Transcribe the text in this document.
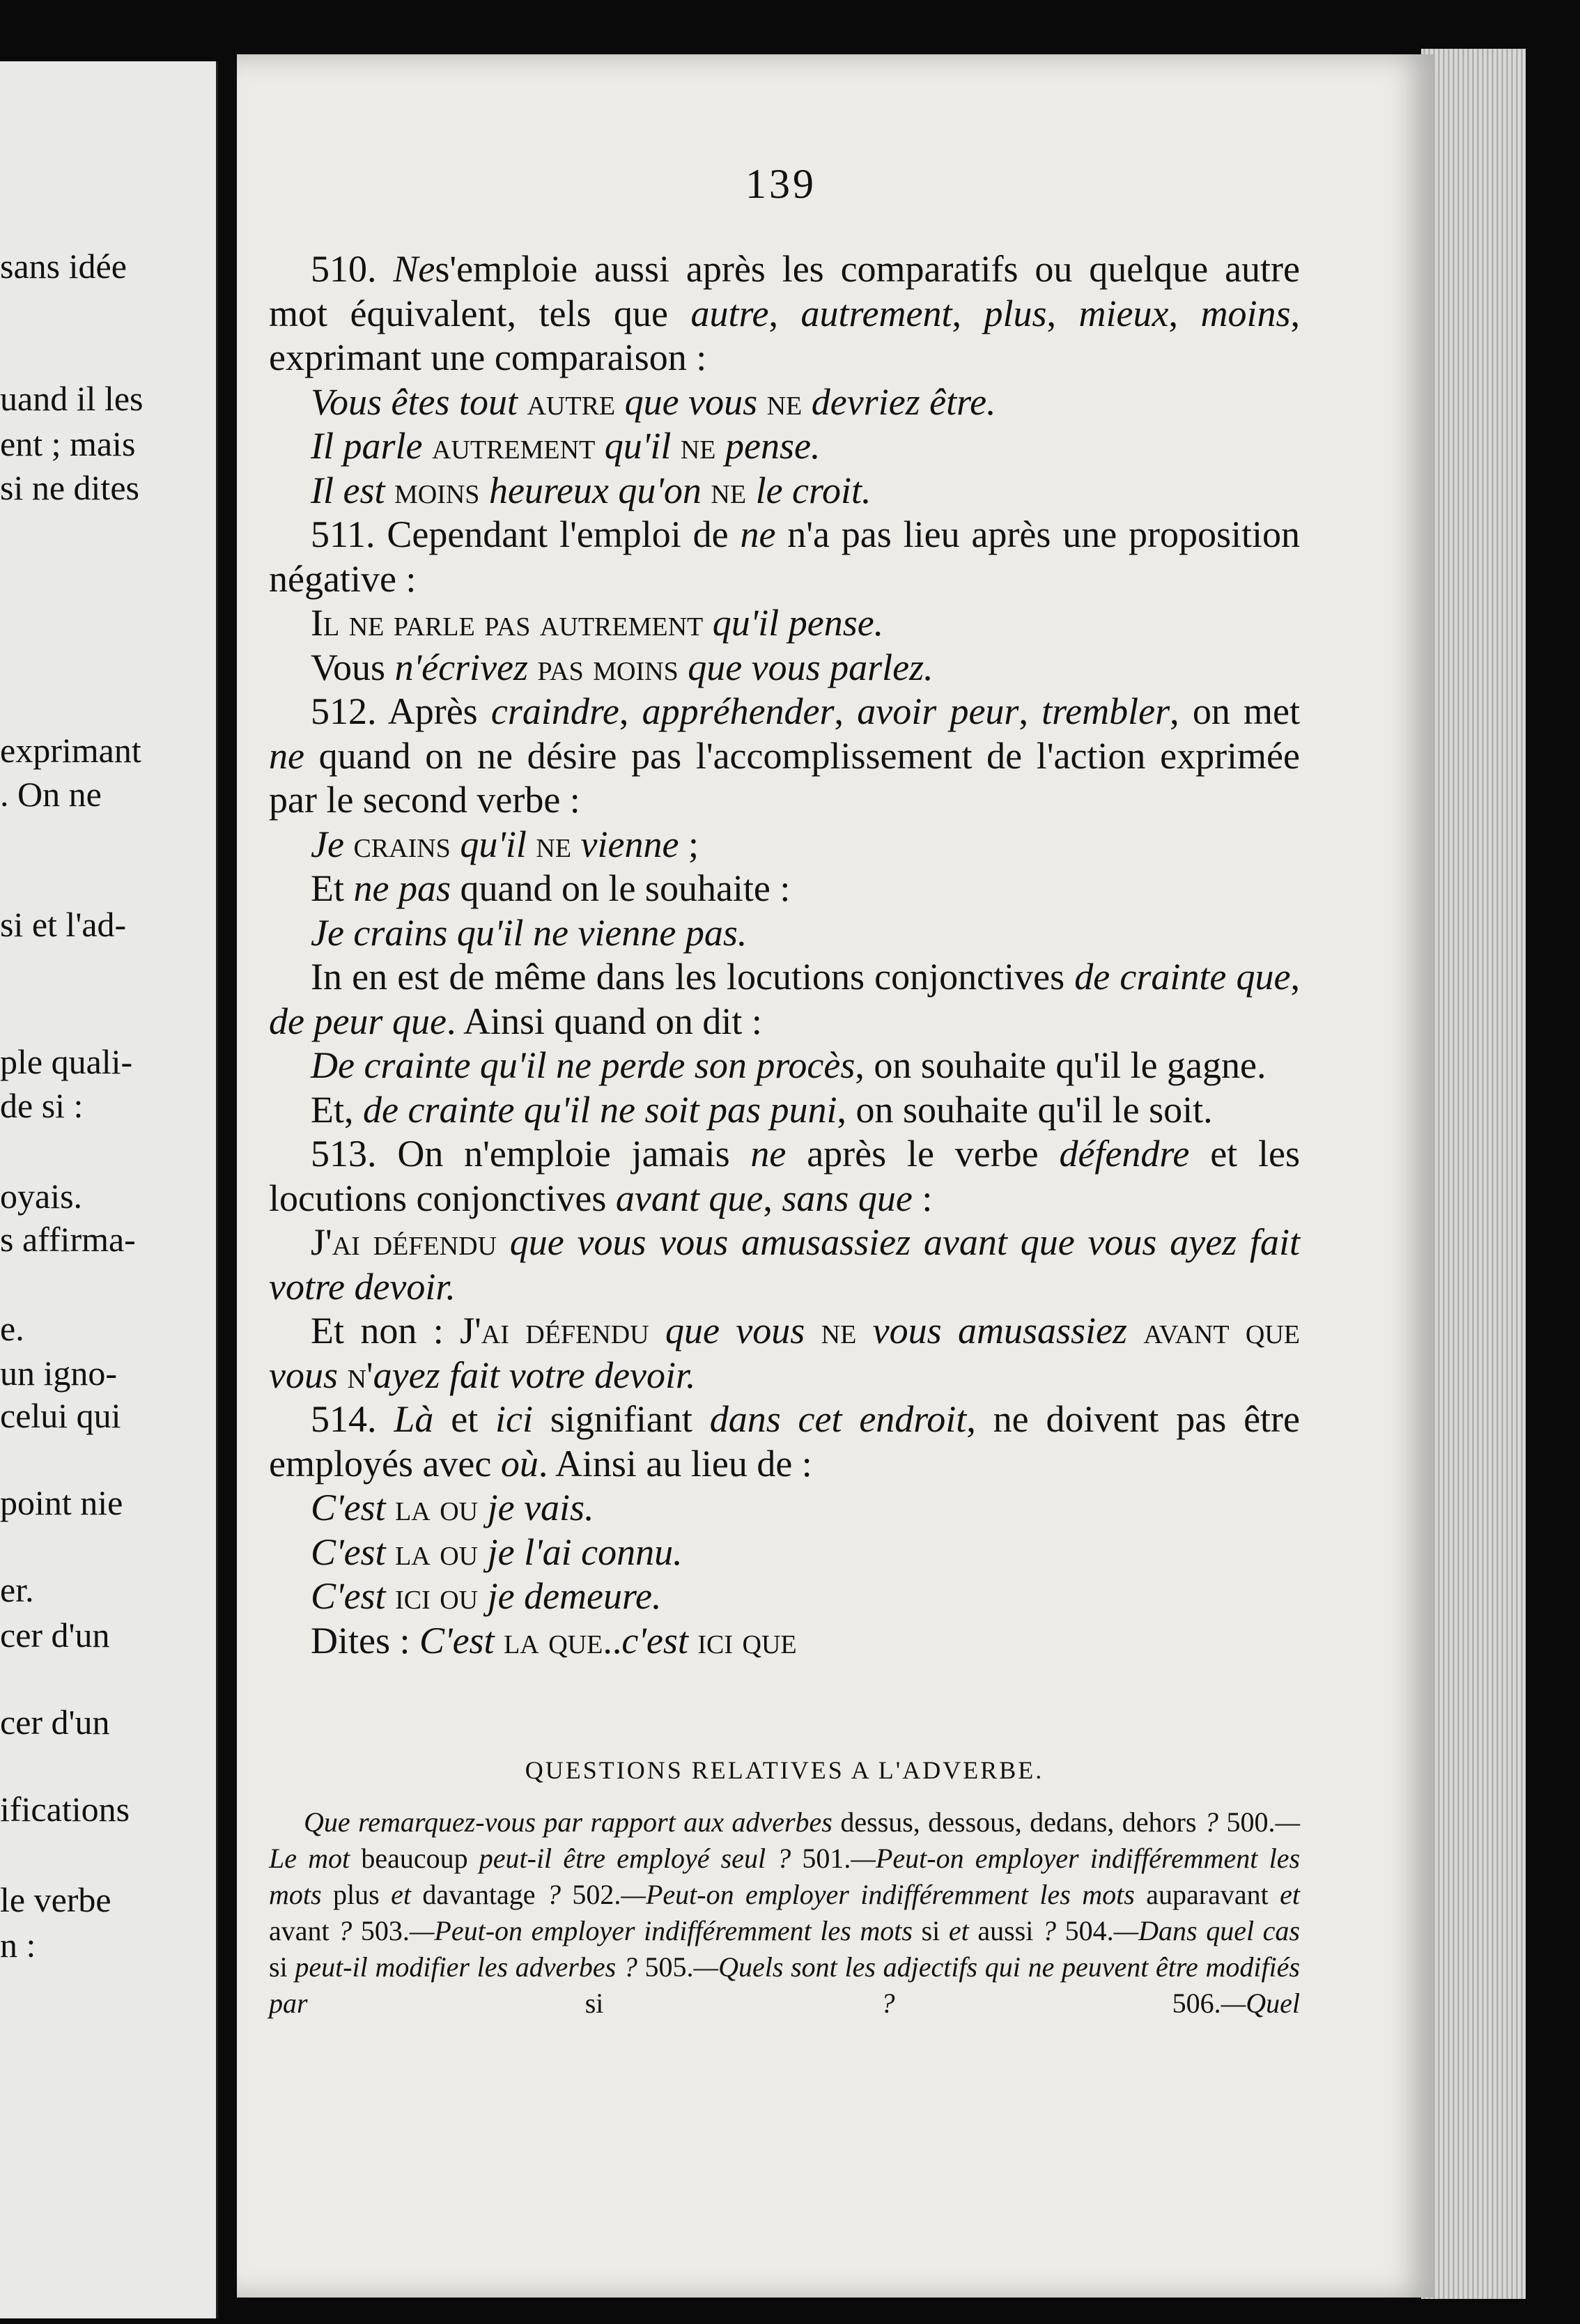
sans idée
uand il les
ent ; mais
si ne dites
exprimant
. On ne
si et l'ad-
ple quali-
de si :
oyais.
s affirma-
e.
un igno-
celui qui
point nie
er.
cer d'un
cer d'un
ifications
le verbe
n :
139

510. Nes'emploie aussi après les comparatifs ou quelque autre mot équivalent, tels que autre, autrement, plus, mieux, moins, exprimant une comparaison :

Vous êtes tout autre que vous ne devriez être.

Il parle autrement qu'il ne pense.

Il est moins heureux qu'on ne le croit.

511. Cependant l'emploi de ne n'a pas lieu après une proposition négative :

Il ne parle pas autrement qu'il pense.

Vous n'écrivez pas moins que vous parlez.

512. Après craindre, appréhender, avoir peur, trembler, on met ne quand on ne désire pas l'accomplissement de l'action exprimée par le second verbe :

Je crains qu'il ne vienne ;

Et ne pas quand on le souhaite :

Je crains qu'il ne vienne pas.

In en est de même dans les locutions conjonctives de crainte que, de peur que. Ainsi quand on dit :

De crainte qu'il ne perde son procès, on souhaite qu'il le gagne.

Et, de crainte qu'il ne soit pas puni, on souhaite qu'il le soit.

513. On n'emploie jamais ne après le verbe défendre et les locutions conjonctives avant que, sans que :

J'ai défendu que vous vous amusassiez avant que vous ayez fait votre devoir.

Et non : J'ai défendu que vous ne vous amusassiez avant que vous n'ayez fait votre devoir.

514. Là et ici signifiant dans cet endroit, ne doivent pas être employés avec où. Ainsi au lieu de :

C'est la ou je vais.

C'est la ou je l'ai connu.

C'est ici ou je demeure.

Dites : C'est la que..c'est ici que

QUESTIONS RELATIVES A L'ADVERBE.

Que remarquez-vous par rapport aux adverbes dessus, dessous, dedans, dehors ? 500.—Le mot beaucoup peut-il être employé seul ? 501.—Peut-on employer indifféremment les mots plus et davantage ? 502.—Peut-on employer indifféremment les mots auparavant et avant ? 503.—Peut-on employer indifféremment les mots si et aussi ? 504.—Dans quel cas si peut-il modifier les adverbes ? 505.—Quels sont les adjectifs qui ne peuvent être modifiés par si ? 506.—Quel
